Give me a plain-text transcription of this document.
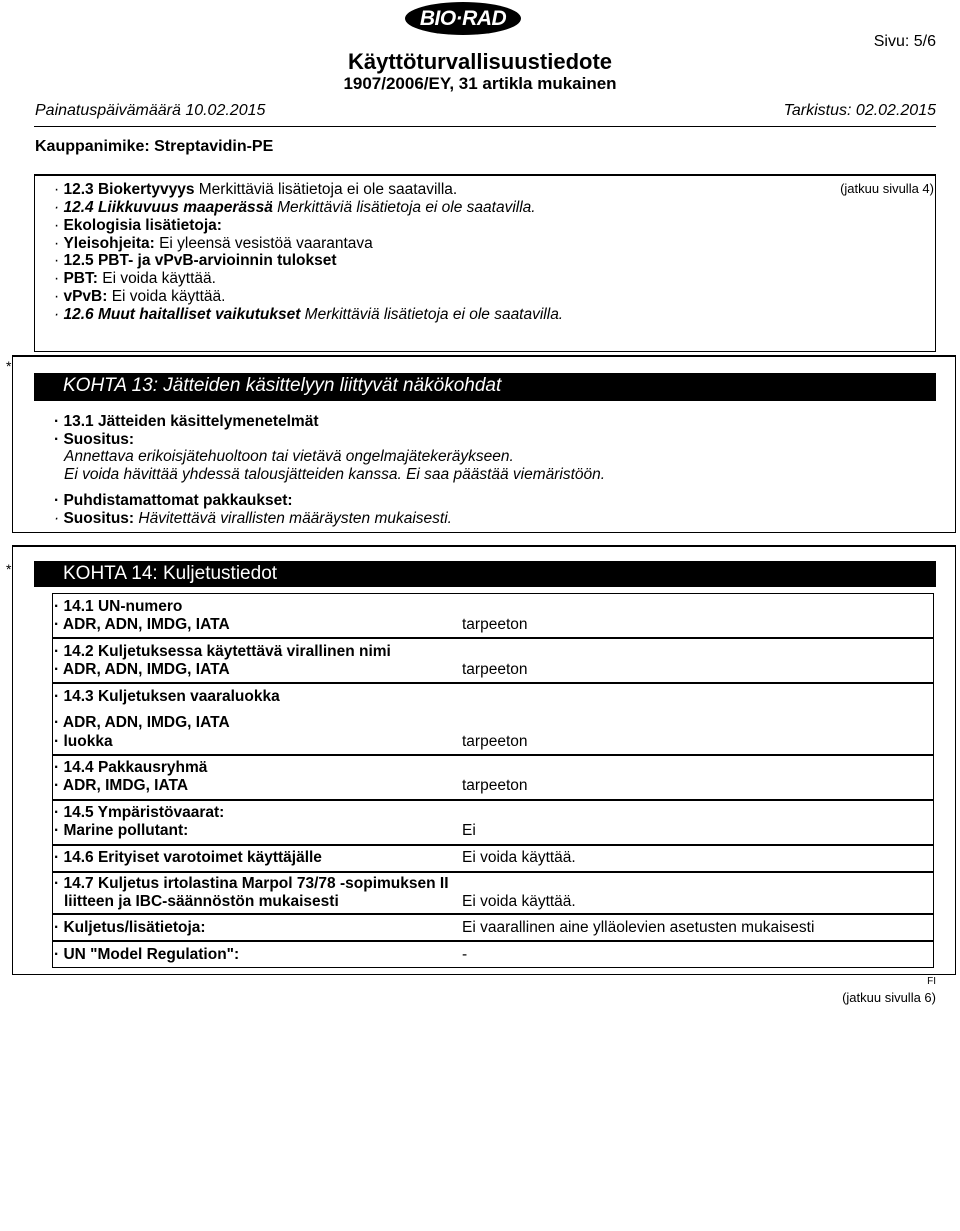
BIO·RAD
Sivu: 5/6
Käyttöturvallisuustiedote
1907/2006/EY, 31 artikla mukainen
Painatuspäivämäärä 10.02.2015	Tarkistus: 02.02.2015
Kauppanimike: Streptavidin-PE
(jatkuu sivulla 4)
· 12.3 Biokertyvyys Merkittäviä lisätietoja ei ole saatavilla.
· 12.4 Liikkuvuus maaperässä Merkittäviä lisätietoja ei ole saatavilla.
· Ekologisia lisätietoja:
· Yleisohjeita: Ei yleensä vesistöä vaarantava
· 12.5 PBT- ja vPvB-arvioinnin tulokset
· PBT: Ei voida käyttää.
· vPvB: Ei voida käyttää.
· 12.6 Muut haitalliset vaikutukset Merkittäviä lisätietoja ei ole saatavilla.
*
KOHTA 13: Jätteiden käsittelyyn liittyvät näkökohdat
· 13.1 Jätteiden käsittelymenetelmät
· Suositus:
Annettava erikoisjätehuoltoon tai vietävä ongelmajätekeräykseen.
Ei voida hävittää yhdessä talousjätteiden kanssa. Ei saa päästää viemäristöön.
· Puhdistamattomat pakkaukset:
· Suositus: Hävitettävä virallisten määräysten mukaisesti.
*	KOHTA 14: Kuljetustiedot
· 14.1 UN-numero
· ADR, ADN, IMDG, IATA	tarpeeton
· 14.2 Kuljetuksessa käytettävä virallinen nimi
· ADR, ADN, IMDG, IATA	tarpeeton
· 14.3 Kuljetuksen vaaraluokka
· ADR, ADN, IMDG, IATA
· luokka	tarpeeton
· 14.4 Pakkausryhmä
· ADR, IMDG, IATA	tarpeeton
· 14.5 Ympäristövaarat:
· Marine pollutant:	Ei
· 14.6 Erityiset varotoimet käyttäjälle	Ei voida käyttää.
· 14.7 Kuljetus irtolastina Marpol 73/78 -sopimuksen II
liitteen ja IBC-säännöstön mukaisesti	Ei voida käyttää.
· Kuljetus/lisätietoja:	Ei vaarallinen aine ylläolevien asetusten mukaisesti
· UN "Model Regulation":	-
FI
(jatkuu sivulla 6)
